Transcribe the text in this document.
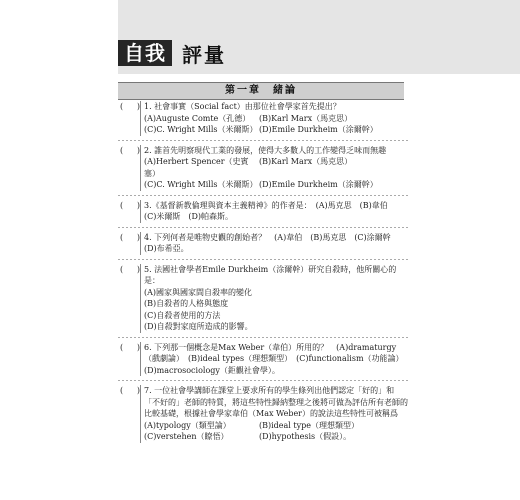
自我 評量
第一章　緒論
( ) 1. 社會事實（Social fact）由那位社會學家首先提出？
(A)Auguste Comte（孔德）	(B)Karl Marx（馬克思）
(C)C. Wright Mills（米爾斯） (D)Emile Durkheim（涂爾幹）
( ) 2. 誰首先明察現代工業的發展，使得大多數人的工作變得乏味而無趣
(A)Herbert Spencer（史賓塞）
(B)Karl Marx（馬克思）
(C)C. Wright Mills（米爾斯） (D)Emile Durkheim（涂爾幹）
( ) 3.《基督新教倫理與資本主義精神》的作者是：　(A)馬克思　(B)韋伯　(C)米爾斯　(D)帕森斯。
( ) 4. 下列何者是唯物史觀的創始者？　(A)韋伯　(B)馬克思　(C)涂爾幹　(D)布希亞。
( ) 5. 法國社會學者Emile Durkheim（涂爾幹）研究自殺時，他所關心的是：
(A)國家與國家間自殺率的變化
(B)自殺者的人格與態度
(C)自殺者使用的方法
(D)自殺對家庭所造成的影響。
( ) 6. 下列那一個概念是Max Weber（韋伯）所用的？　(A)dramaturgy（戲劇論）　(B)ideal types（理想類型）　(C)functionalism（功能論）　(D)macrosociology（鉅觀社會學）。
( ) 7. 一位社會學講師在課堂上要求所有的學生條列出他們認定「好的」和「不好的」老師的特質，將這些特性歸納整理之後將可做為評估所有老師的比較基礎，根據社會學家韋伯（Max Weber）的說法這些特性可被稱爲
(A)typology（類型論）	(B)ideal type（理想類型）
(C)verstehen（瞭悟）	(D)hypothesis（假設）。
